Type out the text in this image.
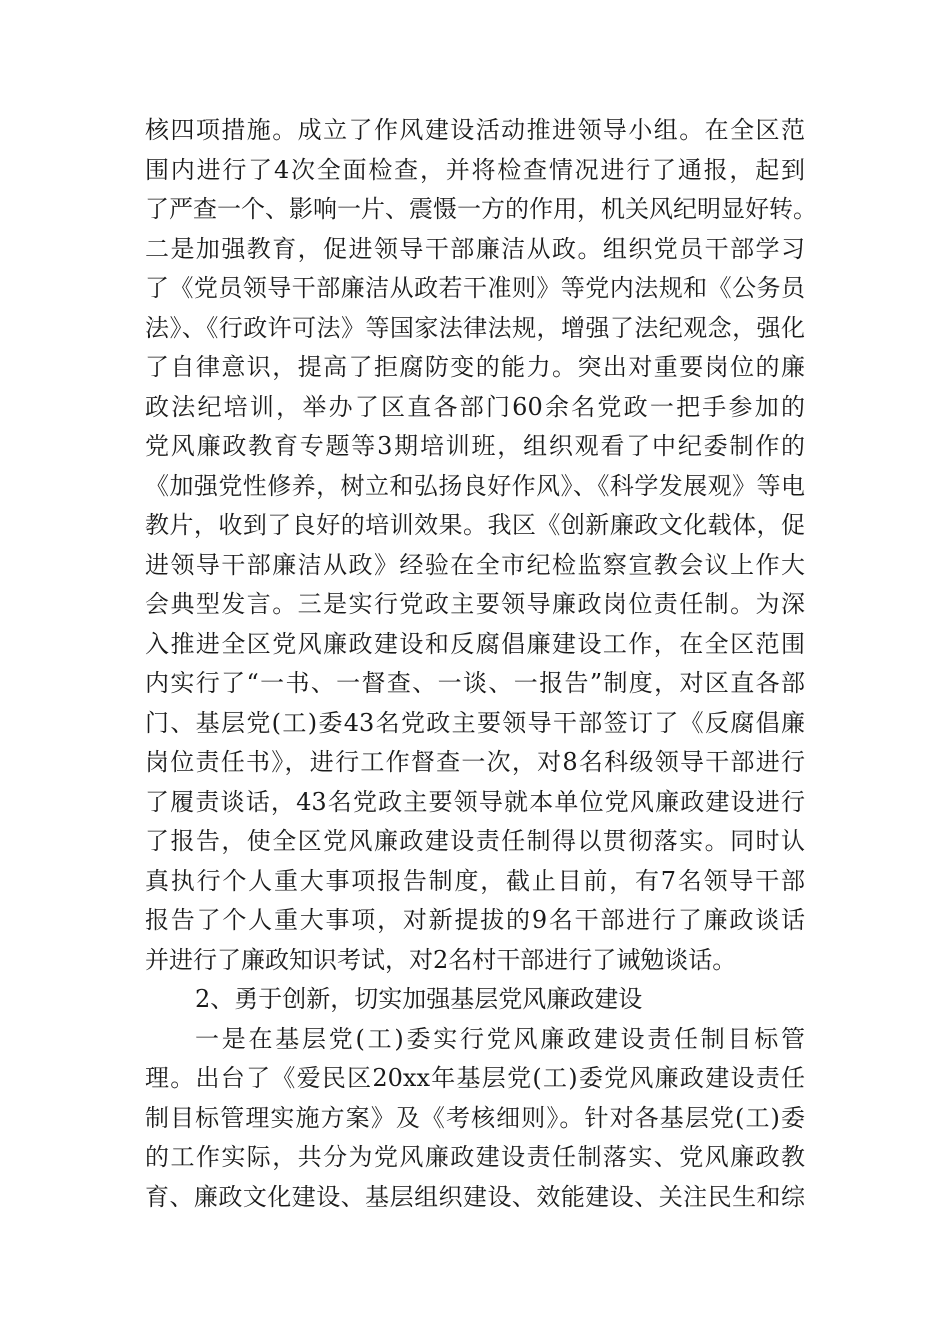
核四项措施。成立了作风建设活动推进领导小组。在全区范
围内进行了4次全面检查，并将检查情况进行了通报，起到
了严查一个、影响一片、震慑一方的作用，机关风纪明显好转。
二是加强教育，促进领导干部廉洁从政。组织党员干部学习
了《党员领导干部廉洁从政若干准则》等党内法规和《公务员
法》、《行政许可法》等国家法律法规，增强了法纪观念，强化
了自律意识，提高了拒腐防变的能力。突出对重要岗位的廉
政法纪培训，举办了区直各部门60余名党政一把手参加的
党风廉政教育专题等3期培训班，组织观看了中纪委制作的
《加强党性修养，树立和弘扬良好作风》、《科学发展观》等电
教片，收到了良好的培训效果。我区《创新廉政文化载体，促
进领导干部廉洁从政》经验在全市纪检监察宣教会议上作大
会典型发言。三是实行党政主要领导廉政岗位责任制。为深
入推进全区党风廉政建设和反腐倡廉建设工作，在全区范围
内实行了“一书、一督查、一谈、一报告”制度，对区直各部
门、基层党(工)委43名党政主要领导干部签订了《反腐倡廉
岗位责任书》，进行工作督查一次，对8名科级领导干部进行
了履责谈话，43名党政主要领导就本单位党风廉政建设进行
了报告，使全区党风廉政建设责任制得以贯彻落实。同时认
真执行个人重大事项报告制度，截止目前，有7名领导干部
报告了个人重大事项，对新提拔的9名干部进行了廉政谈话
并进行了廉政知识考试，对2名村干部进行了诫勉谈话。
2、勇于创新，切实加强基层党风廉政建设
一是在基层党(工)委实行党风廉政建设责任制目标管
理。出台了《爱民区20xx年基层党(工)委党风廉政建设责任
制目标管理实施方案》及《考核细则》。针对各基层党(工)委
的工作实际，共分为党风廉政建设责任制落实、党风廉政教
育、廉政文化建设、基层组织建设、效能建设、关注民生和综
